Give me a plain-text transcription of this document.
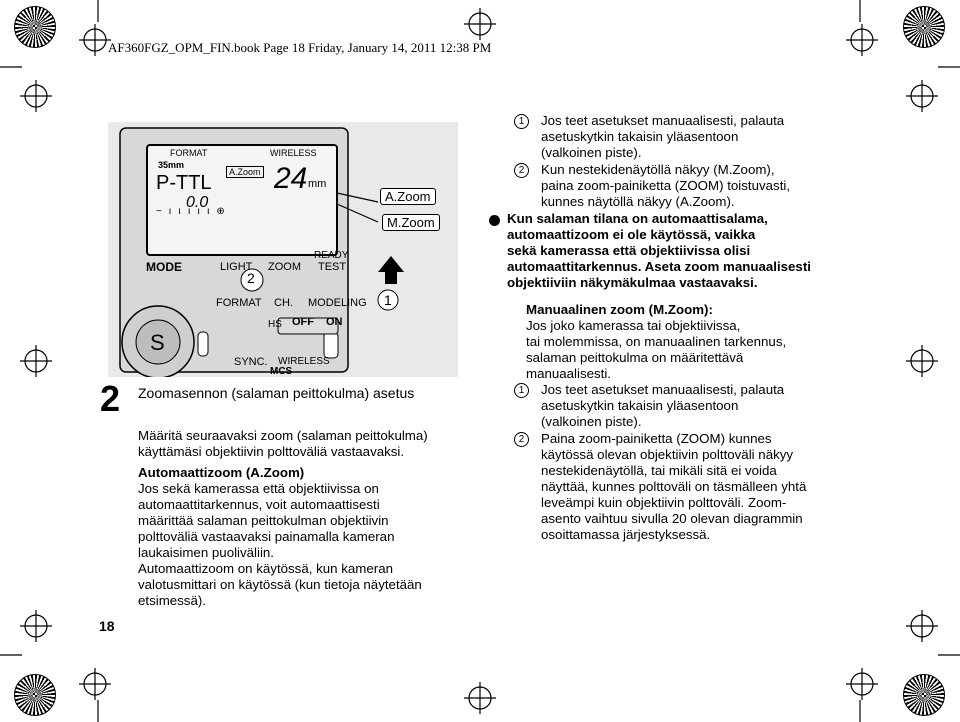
AF360FGZ_OPM_FIN.book Page 18 Friday, January 14, 2011 12:38 PM
FORMAT
35mm
P-TTL
0.0
A.Zoom 24 mm
WIRELESS
− ı ı ı ı ı ⊕
MODE	LIGHT ZOOM
READY
TEST
2
FORMAT CH. MODELING
HS OFF ON
SYNC. WIRELESS
MCS
S
1
A.Zoom
M.Zoom
2
18
Zoomasennon (salaman peittokulma) asetus
Määritä seuraavaksi zoom (salaman peittokulma)
käyttämäsi objektiivin polttoväliä vastaavaksi.
Automaattizoom (A.Zoom)
Jos sekä kamerassa että objektiivissa on
automaattitarkennus, voit automaattisesti
määrittää salaman peittokulman objektiivin
polttoväliä vastaavaksi painamalla kameran
laukaisimen puoliväliin.
Automaattizoom on käytössä, kun kameran
valotusmittari on käytössä (kun tietoja näytetään
etsimessä).
1	Jos teet asetukset manuaalisesti, palauta
asetuskytkin takaisin yläasentoon
(valkoinen piste).
2	Kun nestekidenäytöllä näkyy (M.Zoom),
paina zoom-painiketta (ZOOM) toistuvasti,
kunnes näytöllä näkyy (A.Zoom).
Kun salaman tilana on automaattisalama,
automaattizoom ei ole käytössä, vaikka
sekä kamerassa että objektiivissa olisi
automaattitarkennus. Aseta zoom manuaalisesti
objektiiviin näkymäkulmaa vastaavaksi.
Manuaalinen zoom (M.Zoom):
Jos joko kamerassa tai objektiivissa,
tai molemmissa, on manuaalinen tarkennus,
salaman peittokulma on määritettävä
manuaalisesti.
1	Jos teet asetukset manuaalisesti, palauta
asetuskytkin takaisin yläasentoon
(valkoinen piste).
2	Paina zoom-painiketta (ZOOM) kunnes
käytössä olevan objektiivin polttoväli näkyy
nestekidenäytöllä, tai mikäli sitä ei voida
näyttää, kunnes polttoväli on täsmälleen yhtä
leveämpi kuin objektiivin polttoväli. Zoom-
asento vaihtuu sivulla 20 olevan diagrammin
osoittamassa järjestyksessä.
